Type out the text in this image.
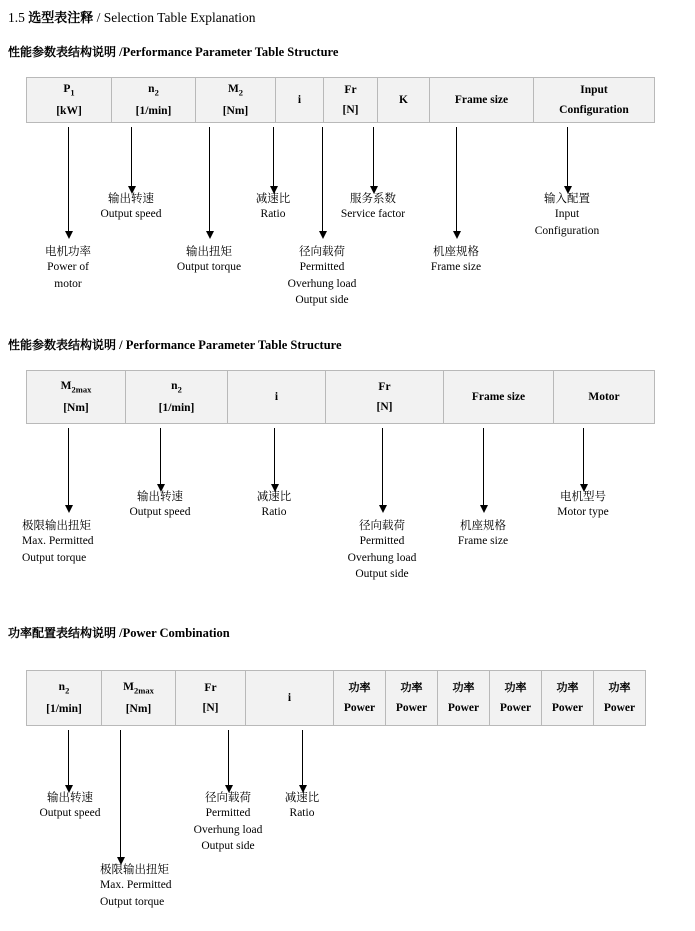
1.5 选型表注释 / Selection Table Explanation
性能参数表结构说明 /Performance Parameter Table Structure
$P_1$
[kW]
$n_2$
[1/min]
$M_2$
[Nm]
i
Fr
[N]
K	Frame size
Input
Configuration
电机功率
Power of
motor
输出转速
Output speed
输出扭矩
Output torque
减速比
Ratio
径向载荷
Permitted
Overhung load
Output side
服务系数
Service factor
机座规格
Frame size
输入配置
Input
Configuration
性能参数表结构说明 / Performance Parameter Table Structure
$M_{2max}$
[Nm]
$n_2$
[1/min]
i
Fr
[N]
Frame size	Motor
极限输出扭矩
Max. Permitted
Output torque
输出转速
Output speed
减速比
Ratio
径向载荷
Permitted
Overhung load
Output side
机座规格
Frame size
电机型号
Motor type
功率配置表结构说明 /Power Combination
$n_2$
[1/min]
$M_{2max}$
[Nm]
Fr
[N]
i
功率
Power
功率
Power
功率
Power
功率
Power
功率
Power
功率
Power
输出转速
Output speed
极限输出扭矩
Max. Permitted
Output torque
径向载荷
Permitted
Overhung load
Output side
减速比
Ratio
